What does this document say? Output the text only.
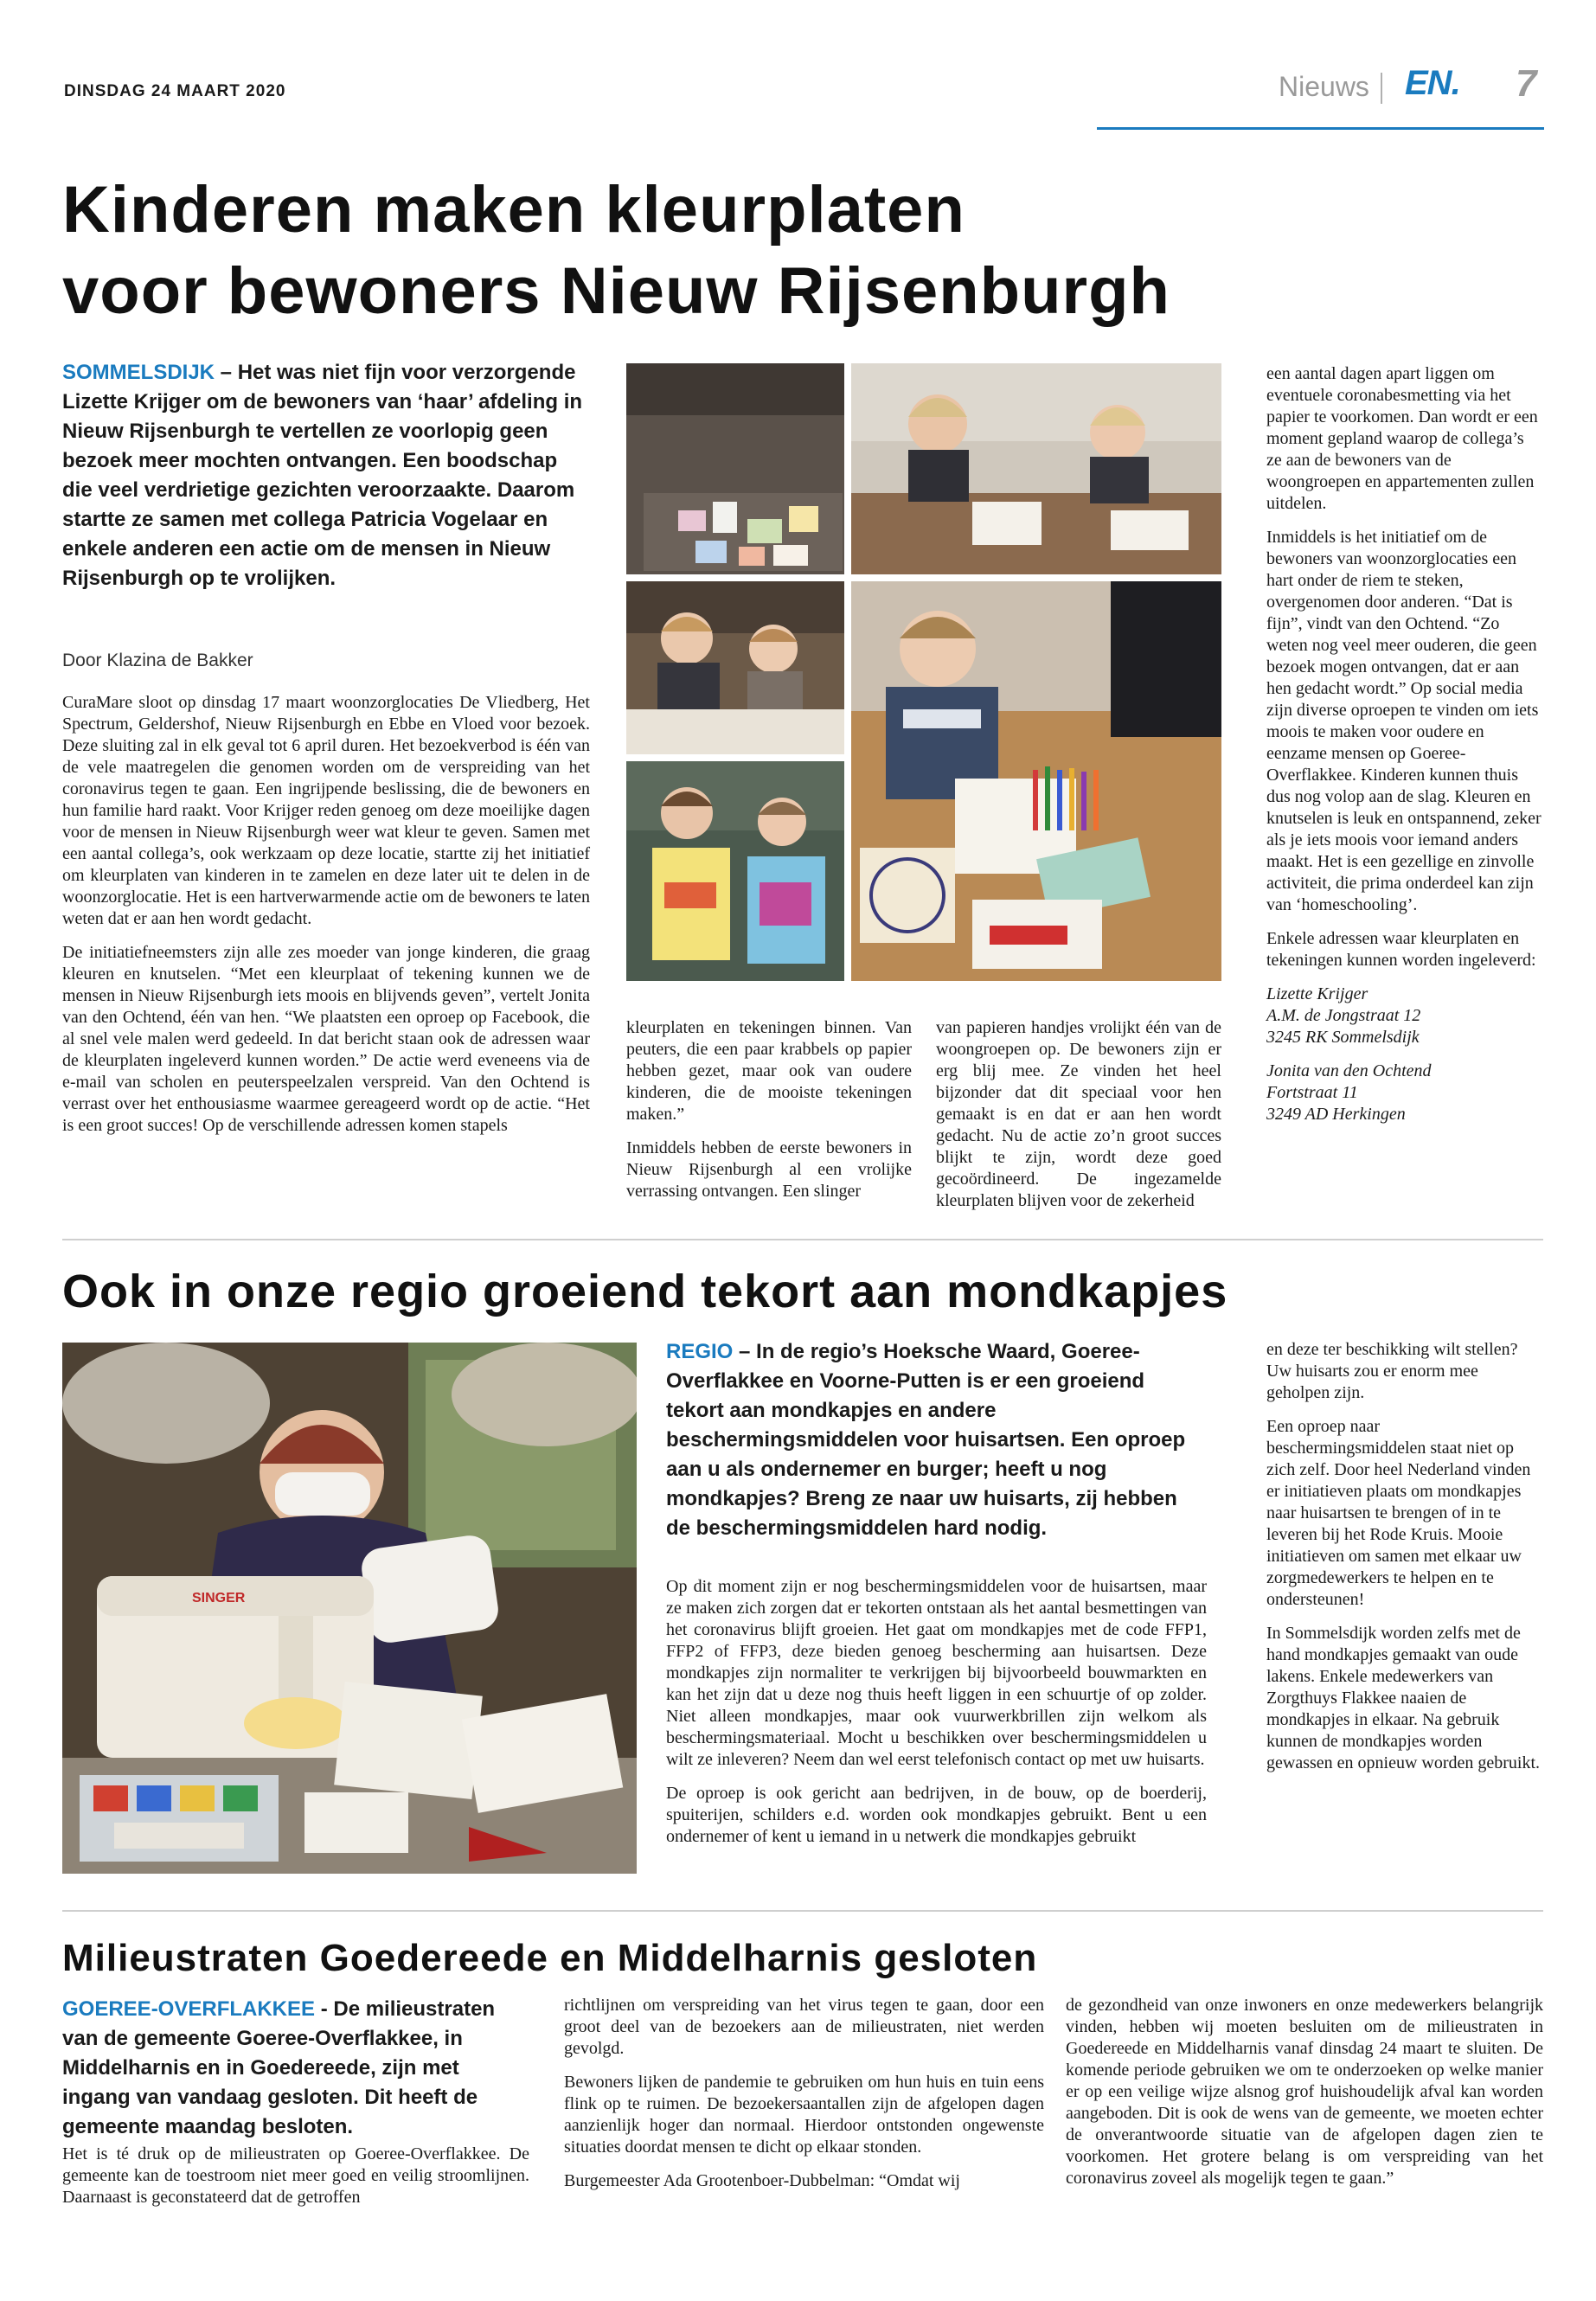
DINSDAG 24 MAART 2020	Nieuws EN. 7
Kinderen maken kleurplaten
voor bewoners Nieuw Rijsenburgh
SOMMELSDIJK – Het was niet fijn voor verzorgende Lizette Krijger om de bewoners van ‘haar’ afdeling in Nieuw Rijsenburgh te vertellen ze voorlopig geen bezoek meer mochten ontvangen. Een boodschap die veel verdrietige gezichten veroorzaakte. Daarom startte ze samen met collega Patricia Vogelaar en enkele anderen een actie om de mensen in Nieuw Rijsenburgh op te vrolijken.
Door Klazina de Bakker

CuraMare sloot op dinsdag 17 maart woonzorglocaties De Vliedberg, Het Spectrum, Geldershof, Nieuw Rijsenburgh en Ebbe en Vloed voor bezoek. Deze sluiting zal in elk geval tot 6 april duren. Het bezoekverbod is één van de vele maatregelen die genomen worden om de verspreiding van het coronavirus tegen te gaan. Een ingrijpende beslissing, die de bewoners en hun familie hard raakt. Voor Krijger reden genoeg om deze moeilijke dagen voor de mensen in Nieuw Rijsenburgh weer wat kleur te geven. Samen met een aantal collega’s, ook werkzaam op deze locatie, startte zij het initiatief om kleurplaten van kinderen in te zamelen en deze later uit te delen in de woonzorglocatie. Het is een hartverwarmende actie om de bewoners te laten weten dat er aan hen wordt gedacht.

De initiatiefneemsters zijn alle zes moeder van jonge kinderen, die graag kleuren en knutselen. “Met een kleurplaat of tekening kunnen we de mensen in Nieuw Rijsenburgh iets moois en blijvends geven”, vertelt Jonita van den Ochtend, één van hen. “We plaatsten een oproep op Facebook, die al snel vele malen werd gedeeld. In dat bericht staan ook de adressen waar de kleurplaten ingeleverd kunnen worden.” De actie werd eveneens via de e-mail van scholen en peuterspeelzalen verspreid. Van den Ochtend is verrast over het enthousiasme waarmee gereageerd wordt op de actie. “Het is een groot succes! Op de verschillende adressen komen stapels

kleurplaten en tekeningen binnen. Van peuters, die een paar krabbels op papier hebben gezet, maar ook van oudere kinderen, die de mooiste tekeningen maken.”

Inmiddels hebben de eerste bewoners in Nieuw Rijsenburgh al een vrolijke verrassing ontvangen. Een slinger

van papieren handjes vrolijkt één van de woongroepen op. De bewoners zijn er erg blij mee. Ze vinden het heel bijzonder dat dit speciaal voor hen gemaakt is en dat er aan hen wordt gedacht. Nu de actie zo’n groot succes blijkt te zijn, wordt deze goed gecoördineerd. De ingezamelde kleurplaten blijven voor de zekerheid

een aantal dagen apart liggen om eventuele coronabesmetting via het papier te voorkomen. Dan wordt er een moment gepland waarop de collega’s ze aan de bewoners van de woongroepen en appartementen zullen uitdelen.

Inmiddels is het initiatief om de bewoners van woonzorglocaties een hart onder de riem te steken, overgenomen door anderen. “Dat is fijn”, vindt van den Ochtend. “Zo weten nog veel meer ouderen, die geen bezoek mogen ontvangen, dat er aan hen gedacht wordt.” Op social media zijn diverse oproepen te vinden om iets moois te maken voor oudere en eenzame mensen op Goeree-Overflakkee. Kinderen kunnen thuis dus nog volop aan de slag. Kleuren en knutselen is leuk en ontspannend, zeker als je iets moois voor iemand anders maakt. Het is een gezellige en zinvolle activiteit, die prima onderdeel kan zijn van ‘homeschooling’.

Enkele adressen waar kleurplaten en tekeningen kunnen worden ingeleverd:

Lizette Krijger
A.M. de Jongstraat 12
3245 RK Sommelsdijk
Jonita van den Ochtend
Fortstraat 11
3249 AD Herkingen
Ook in onze regio groeiend tekort aan mondkapjes
SINGER
REGIO – In de regio’s Hoeksche Waard, Goeree-Overflakkee en Voorne-Putten is er een groeiend tekort aan mondkapjes en andere beschermingsmiddelen voor huisartsen. Een oproep aan u als ondernemer en burger; heeft u nog mondkapjes? Breng ze naar uw huisarts, zij hebben de beschermingsmiddelen hard nodig.

Op dit moment zijn er nog beschermingsmiddelen voor de huisartsen, maar ze maken zich zorgen dat er tekorten ontstaan als het aantal besmettingen van het coronavirus blijft groeien. Het gaat om mondkapjes met de code FFP1, FFP2 of FFP3, deze bieden genoeg bescherming aan huisartsen. Deze mondkapjes zijn normaliter te verkrijgen bij bijvoorbeeld bouwmarkten en kan het zijn dat u deze nog thuis heeft liggen in een schuurtje of op zolder. Niet alleen mondkapjes, maar ook vuurwerkbrillen zijn welkom als beschermingsmateriaal. Mocht u beschikken over beschermingsmiddelen u wilt ze inleveren? Neem dan wel eerst telefonisch contact op met uw huisarts.

De oproep is ook gericht aan bedrijven, in de bouw, op de boerderij, spuiterijen, schilders e.d. worden ook mondkapjes gebruikt. Bent u een ondernemer of kent u iemand in u netwerk die mondkapjes gebruikt

en deze ter beschikking wilt stellen? Uw huisarts zou er enorm mee geholpen zijn.

Een oproep naar beschermingsmiddelen staat niet op zich zelf. Door heel Nederland vinden er initiatieven plaats om mondkapjes naar huisartsen te brengen of in te leveren bij het Rode Kruis. Mooie initiatieven om samen met elkaar uw zorgmedewerkers te helpen en te ondersteunen!

In Sommelsdijk worden zelfs met de hand mondkapjes gemaakt van oude lakens. Enkele medewerkers van Zorgthuys Flakkee naaien de mondkapjes in elkaar. Na gebruik kunnen de mondkapjes worden gewassen en opnieuw worden gebruikt.

Milieustraten Goedereede en Middelharnis gesloten
GOEREE-OVERFLAKKEE - De milieustraten van de gemeente Goeree-Overflakkee, in Middelharnis en in Goedereede, zijn met ingang van vandaag gesloten. Dit heeft de gemeente maandag besloten.

Het is té druk op de milieustraten op Goeree-Overflakkee. De gemeente kan de toestroom niet meer goed en veilig stroomlijnen. Daarnaast is geconstateerd dat de getroffen

richtlijnen om verspreiding van het virus tegen te gaan, door een groot deel van de bezoekers aan de milieustraten, niet werden gevolgd.

Bewoners lijken de pandemie te gebruiken om hun huis en tuin eens flink op te ruimen. De bezoekersaantallen zijn de afgelopen dagen aanzienlijk hoger dan normaal. Hierdoor ontstonden ongewenste situaties doordat mensen te dicht op elkaar stonden.

Burgemeester Ada Grootenboer-Dubbelman: “Omdat wij

de gezondheid van onze inwoners en onze medewerkers belangrijk vinden, hebben wij moeten besluiten om de milieustraten in Goedereede en Middelharnis vanaf dinsdag 24 maart te sluiten. De komende periode gebruiken we om te onderzoeken op welke manier er op een veilige wijze alsnog grof huishoudelijk afval kan worden aangeboden. Dit is ook de wens van de gemeente, we moeten echter de onverantwoorde situatie van de afgelopen dagen zien te voorkomen. Het grotere belang is om verspreiding van het coronavirus zoveel als mogelijk tegen te gaan.”
